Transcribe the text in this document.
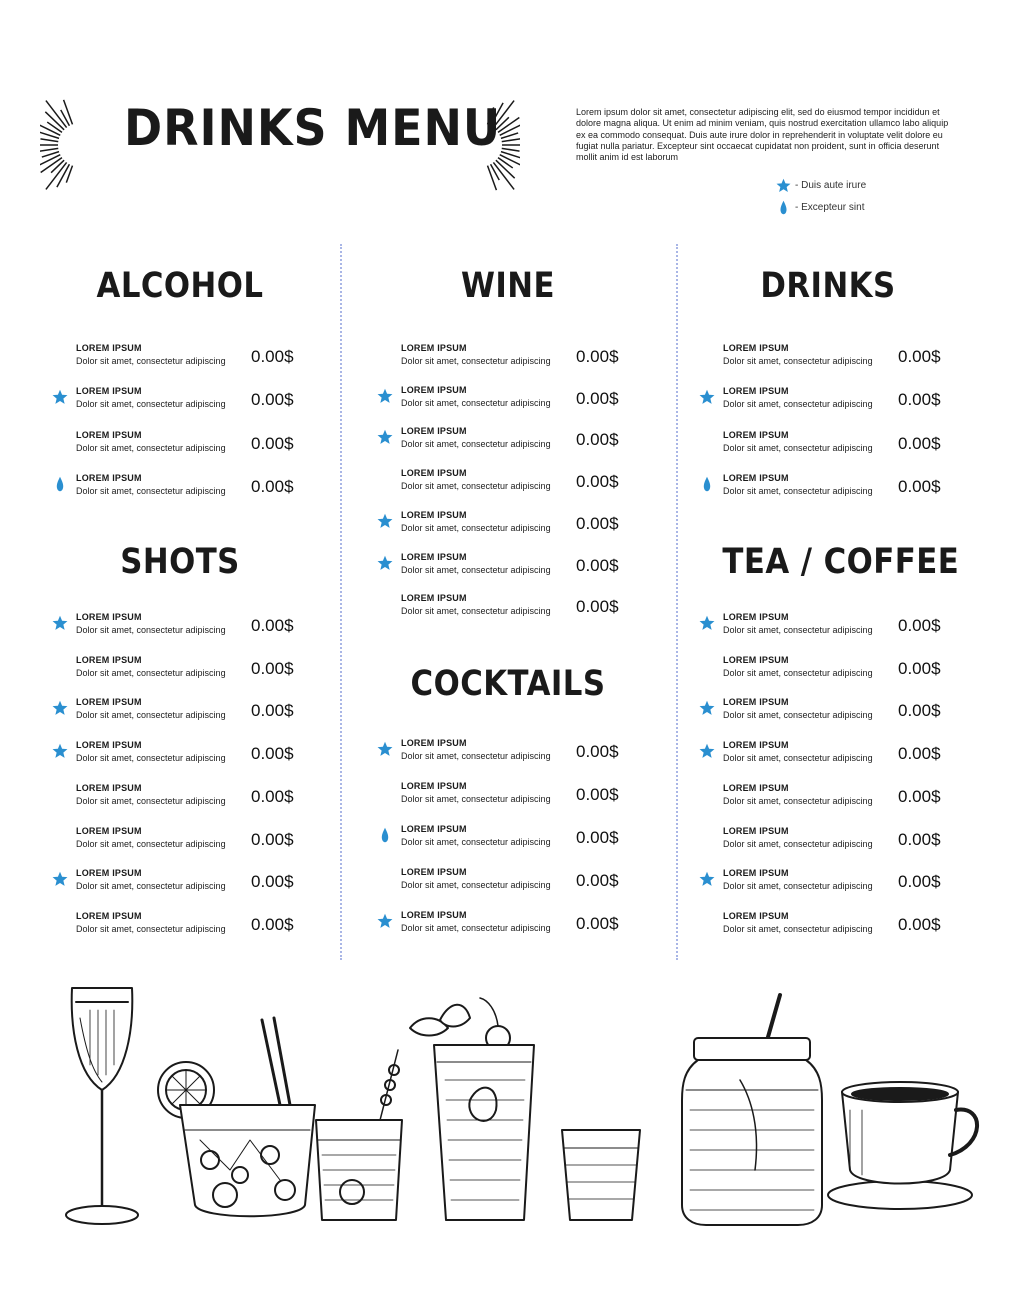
DRINKS MENU	Lorem ipsum dolor sit amet, consectetur adipiscing elit, sed do eiusmod tempor incididun et dolore magna aliqua. Ut enim ad minim veniam, quis nostrud exercitation ullamco labo aliquip ex ea commodo consequat. Duis aute irure dolor in reprehenderit in voluptate velit dolore eu fugiat nulla pariatur. Excepteur sint occaecat cupidatat non proident, sunt in officia deserunt mollit anim id est laborum

- Duis aute irure
- Excepteur sint
ALCOHOL
SHOTS
WINE
COCKTAILS
DRINKS
TEA / COFFEE
LOREM IPSUM
Dolor sit amet, consectetur adipiscing 0.00$
LOREM IPSUM
Dolor sit amet, consectetur adipiscing 0.00$
LOREM IPSUM
Dolor sit amet, consectetur adipiscing 0.00$
LOREM IPSUM
Dolor sit amet, consectetur adipiscing 0.00$
LOREM IPSUM
Dolor sit amet, consectetur adipiscing 0.00$
LOREM IPSUM
Dolor sit amet, consectetur adipiscing 0.00$
LOREM IPSUM
Dolor sit amet, consectetur adipiscing 0.00$
LOREM IPSUM
Dolor sit amet, consectetur adipiscing 0.00$
LOREM IPSUM
Dolor sit amet, consectetur adipiscing 0.00$
LOREM IPSUM
Dolor sit amet, consectetur adipiscing 0.00$
LOREM IPSUM
Dolor sit amet, consectetur adipiscing 0.00$
LOREM IPSUM
Dolor sit amet, consectetur adipiscing 0.00$
LOREM IPSUM
Dolor sit amet, consectetur adipiscing 0.00$
LOREM IPSUM
Dolor sit amet, consectetur adipiscing 0.00$
LOREM IPSUM
Dolor sit amet, consectetur adipiscing 0.00$
LOREM IPSUM
Dolor sit amet, consectetur adipiscing 0.00$
LOREM IPSUM
Dolor sit amet, consectetur adipiscing 0.00$
LOREM IPSUM
Dolor sit amet, consectetur adipiscing 0.00$
LOREM IPSUM
Dolor sit amet, consectetur adipiscing 0.00$
LOREM IPSUM
Dolor sit amet, consectetur adipiscing 0.00$
LOREM IPSUM
Dolor sit amet, consectetur adipiscing 0.00$
LOREM IPSUM
Dolor sit amet, consectetur adipiscing 0.00$
LOREM IPSUM
Dolor sit amet, consectetur adipiscing 0.00$
LOREM IPSUM
Dolor sit amet, consectetur adipiscing 0.00$
LOREM IPSUM
Dolor sit amet, consectetur adipiscing 0.00$
LOREM IPSUM
Dolor sit amet, consectetur adipiscing 0.00$
LOREM IPSUM
Dolor sit amet, consectetur adipiscing 0.00$
LOREM IPSUM
Dolor sit amet, consectetur adipiscing 0.00$
LOREM IPSUM
Dolor sit amet, consectetur adipiscing 0.00$
LOREM IPSUM
Dolor sit amet, consectetur adipiscing 0.00$
LOREM IPSUM
Dolor sit amet, consectetur adipiscing 0.00$
LOREM IPSUM
Dolor sit amet, consectetur adipiscing 0.00$
LOREM IPSUM
Dolor sit amet, consectetur adipiscing 0.00$
LOREM IPSUM
Dolor sit amet, consectetur adipiscing 0.00$
LOREM IPSUM
Dolor sit amet, consectetur adipiscing 0.00$
LOREM IPSUM
Dolor sit amet, consectetur adipiscing 0.00$
